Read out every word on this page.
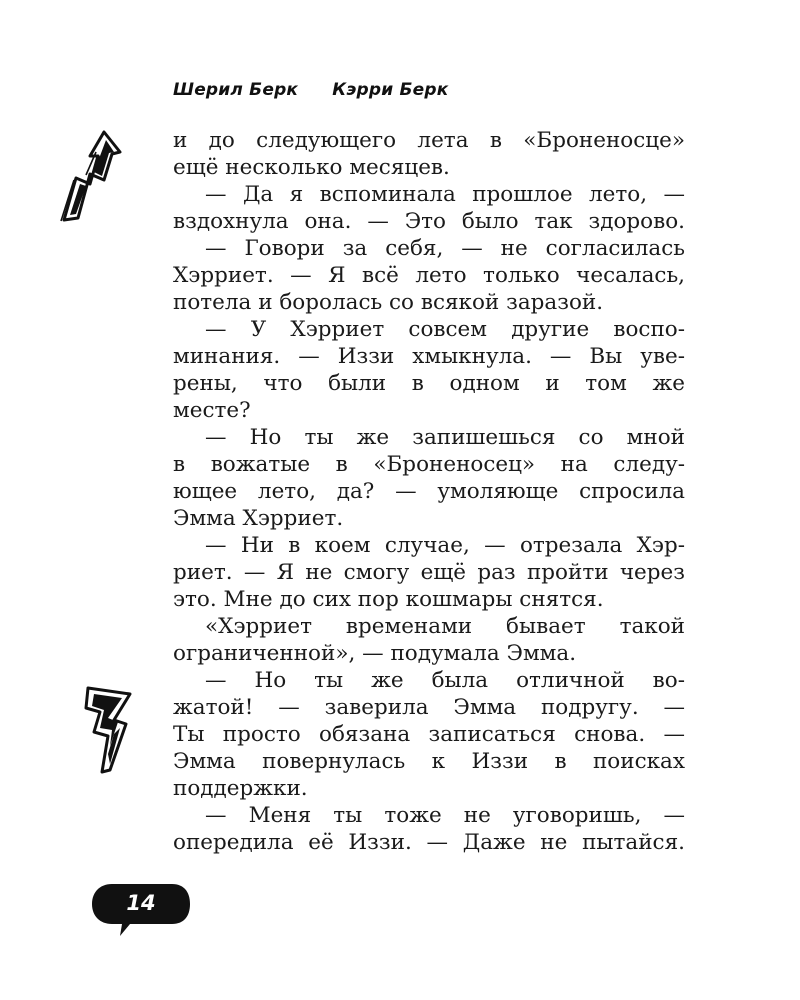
Шерил Берк Кэрри Берк
и до следующего лета в «Броненосце»
ещё несколько месяцев.
— Да я вспоминала прошлое лето, —
вздохнула она. — Это было так здорово.
— Говори за себя, — не согласилась
Хэрриет. — Я всё лето только чесалась,
потела и боролась со всякой заразой.
— У Хэрриет совсем другие воспо-
минания. — Иззи хмыкнула. — Вы уве-
рены, что были в одном и том же
месте?
— Но ты же запишешься со мной
в вожатые в «Броненосец» на следу-
ющее лето, да? — умоляюще спросила
Эмма Хэрриет.
— Ни в коем случае, — отрезала Хэр-
риет. — Я не смогу ещё раз пройти через
это. Мне до сих пор кошмары снятся.
«Хэрриет временами бывает такой
ограниченной», — подумала Эмма.
— Но ты же была отличной во-
жатой! — заверила Эмма подругу. —
Ты просто обязана записаться снова. —
Эмма повернулась к Иззи в поисках
поддержки.
— Меня ты тоже не уговоришь, —
опередила её Иззи. — Даже не пытайся.
14
